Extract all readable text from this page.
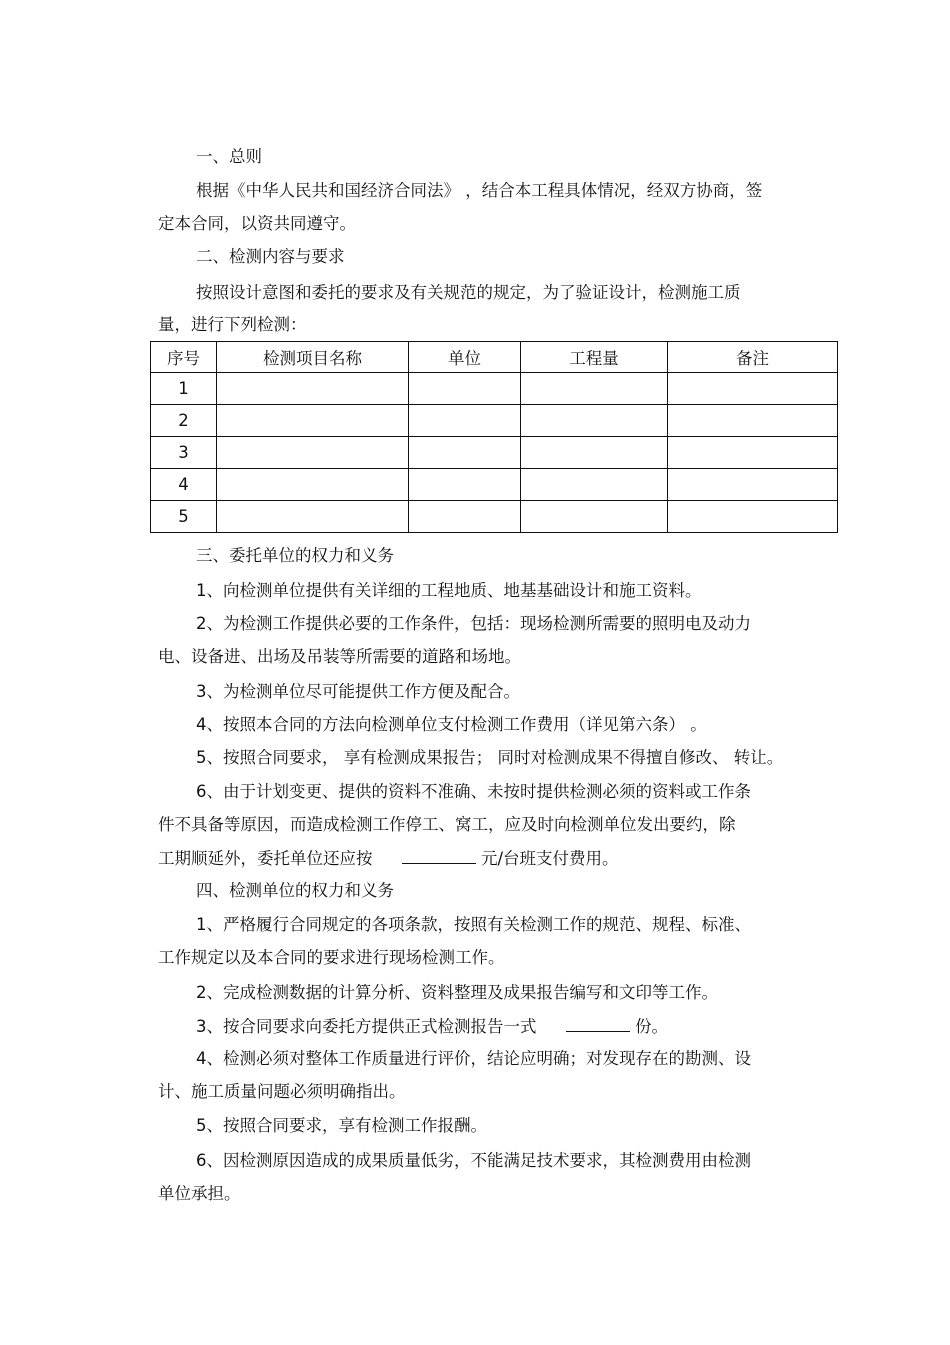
一、总则
根据《中华人民共和国经济合同法》 ，结合本工程具体情况，经双方协商，签
定本合同，以资共同遵守。
二、检测内容与要求
按照设计意图和委托的要求及有关规范的规定，为了验证设计，检测施工质
量，进行下列检测：
序号	检测项目名称	单位	工程量	备注
1				
2				
3				
4				
5				
三、委托单位的权力和义务
1、向检测单位提供有关详细的工程地质、地基基础设计和施工资料。
2、为检测工作提供必要的工作条件，包括：现场检测所需要的照明电及动力
电、设备进、出场及吊装等所需要的道路和场地。
3、为检测单位尽可能提供工作方便及配合。
4、按照本合同的方法向检测单位支付检测工作费用（详见第六条） 。
5、按照合同要求， 享有检测成果报告； 同时对检测成果不得擅自修改、 转让。
6、由于计划变更、提供的资料不准确、未按时提供检测必须的资料或工作条
件不具备等原因，而造成检测工作停工、窝工，应及时向检测单位发出要约，除
工期顺延外，委托单位还应按	元/台班支付费用。
四、检测单位的权力和义务
1、严格履行合同规定的各项条款，按照有关检测工作的规范、规程、标准、
工作规定以及本合同的要求进行现场检测工作。
2、完成检测数据的计算分析、资料整理及成果报告编写和文印等工作。
3、按合同要求向委托方提供正式检测报告一式	份。
4、检测必须对整体工作质量进行评价，结论应明确；对发现存在的勘测、设
计、施工质量问题必须明确指出。
5、按照合同要求，享有检测工作报酬。
6、因检测原因造成的成果质量低劣，不能满足技术要求，其检测费用由检测
单位承担。
